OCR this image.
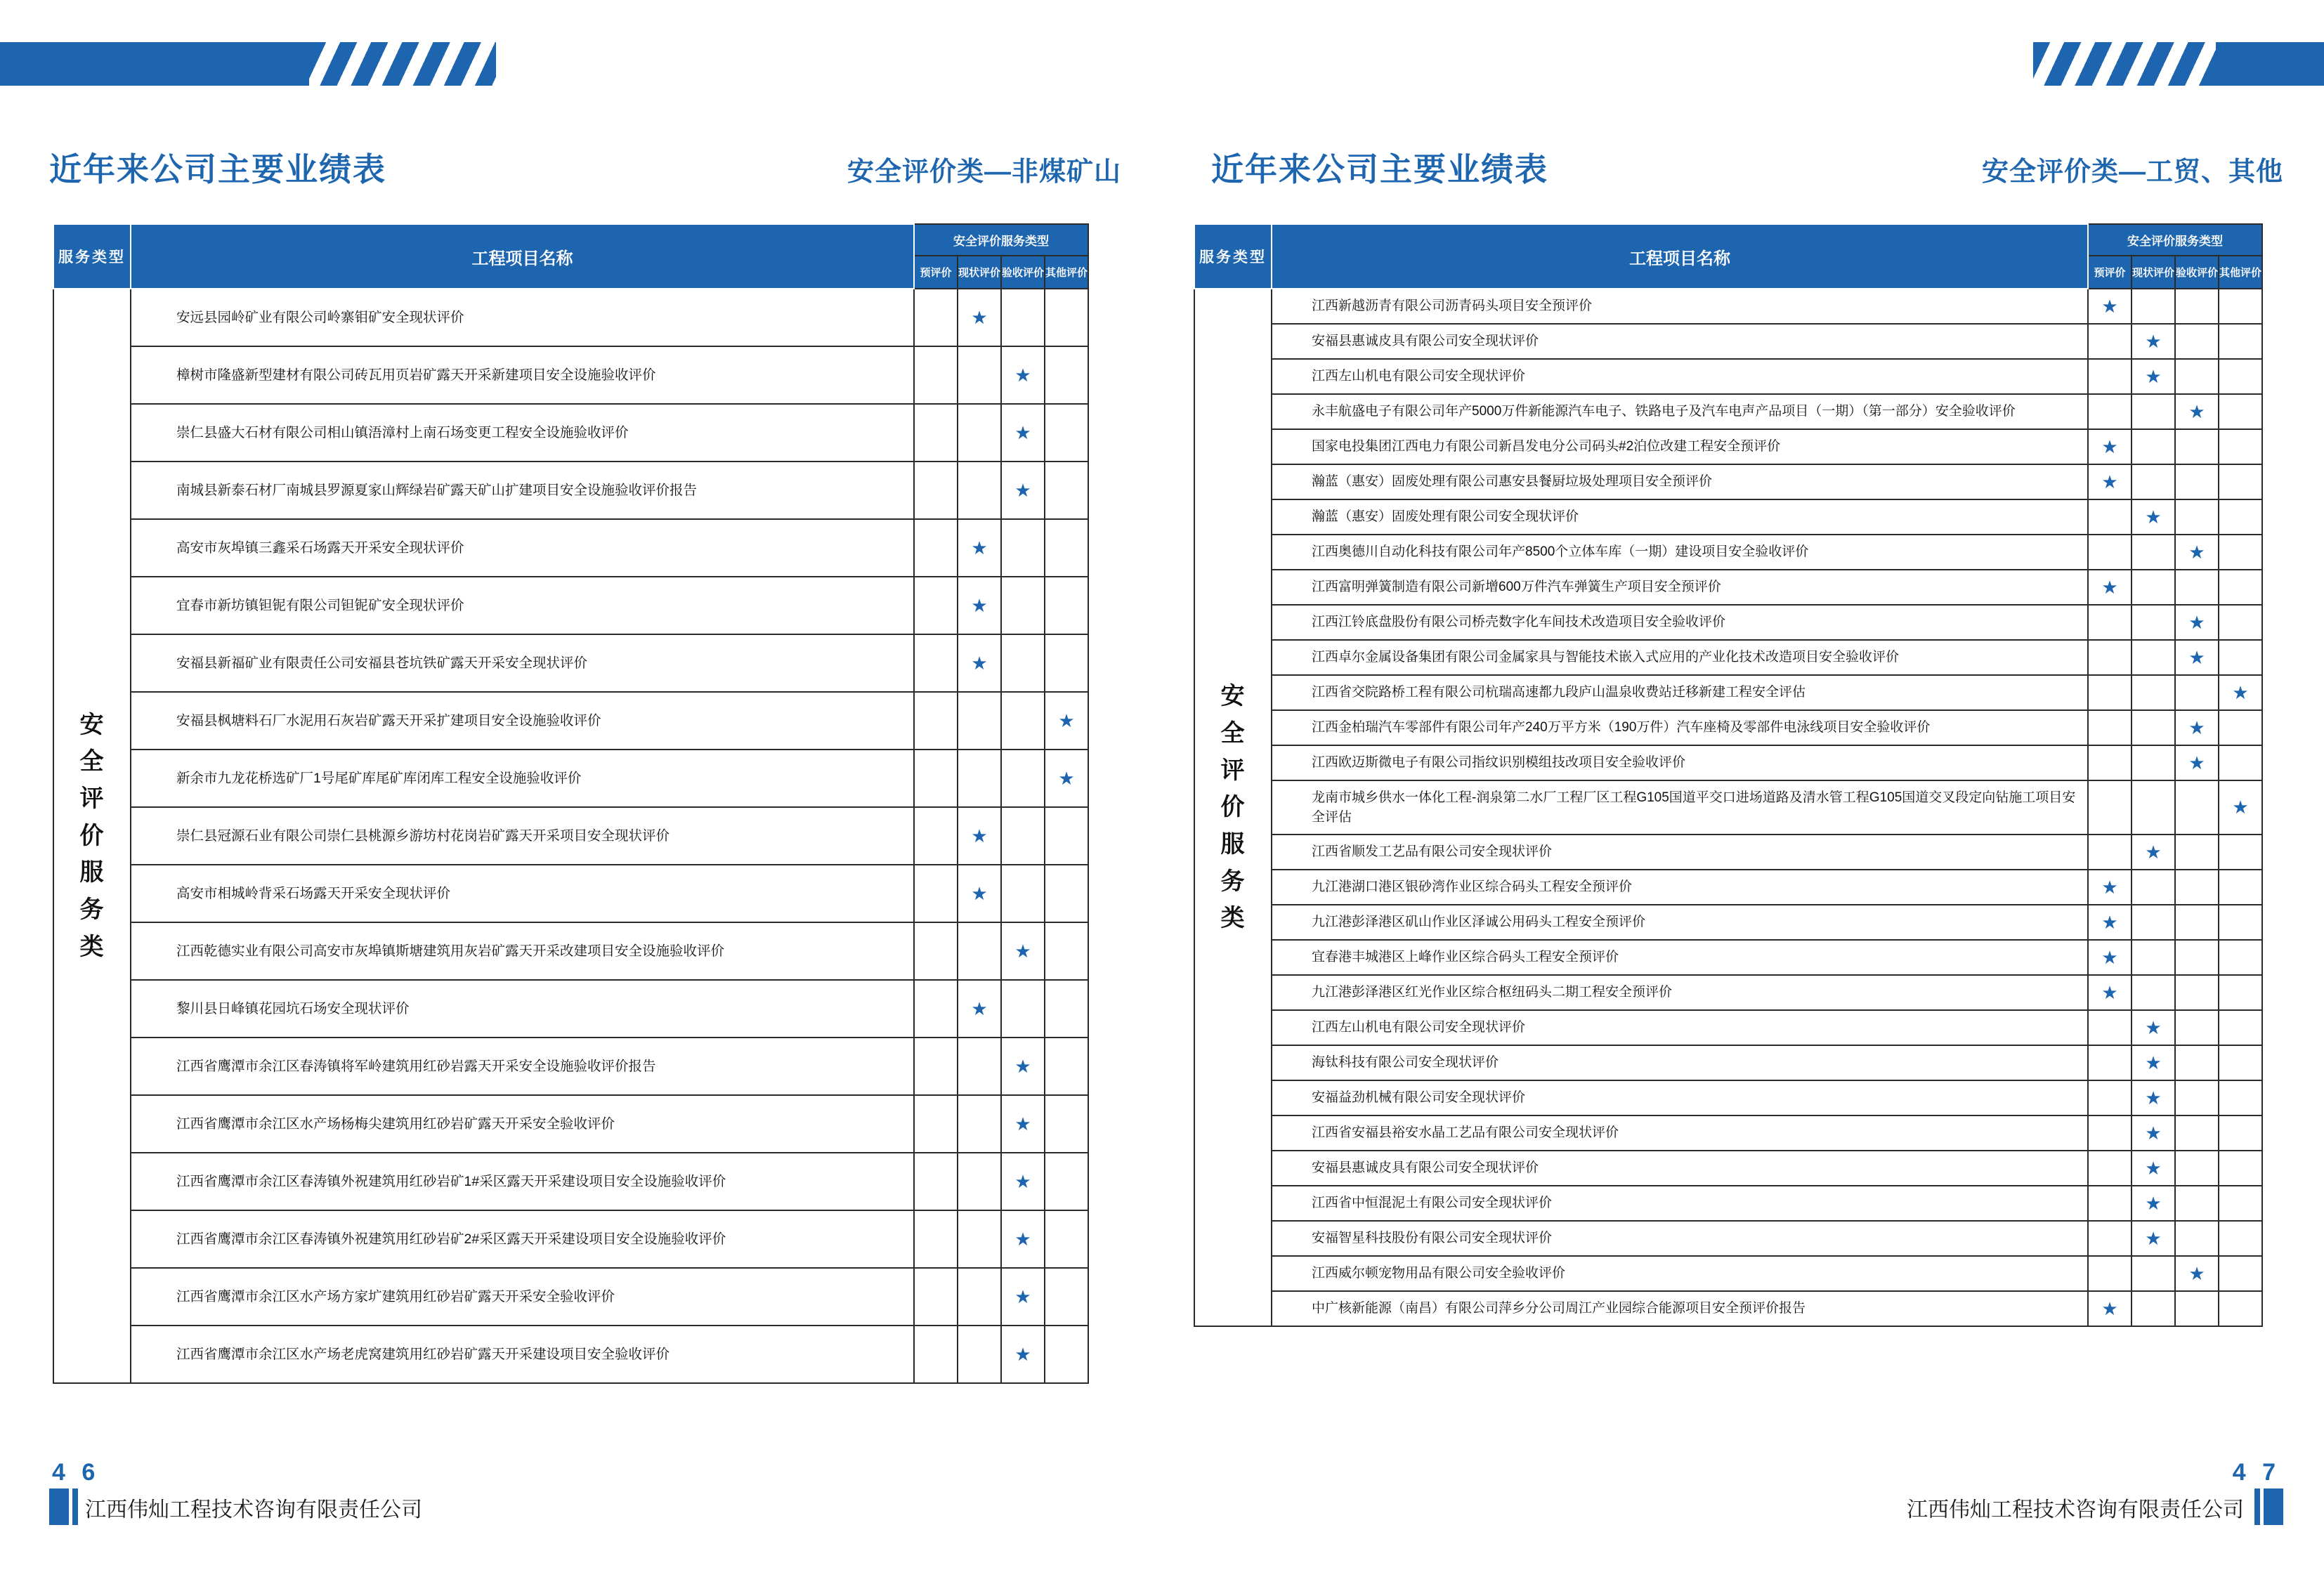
近年来公司主要业绩表	安全评价类—非煤矿山
服务类型	工程项目名称	安全评价服务类型			
		预评价	现状评价	验收评价	其他评价

安全评价服务类	安远县园岭矿业有限公司岭寨钼矿安全现状评价		★		
	樟树市隆盛新型建材有限公司砖瓦用页岩矿露天开采新建项目安全设施验收评价			★	
	崇仁县盛大石材有限公司相山镇浯漳村上南石场变更工程安全设施验收评价			★	
	南城县新泰石材厂南城县罗源夏家山辉绿岩矿露天矿山扩建项目安全设施验收评价报告			★	
	高安市灰埠镇三鑫采石场露天开采安全现状评价		★		
	宜春市新坊镇钽铌有限公司钽铌矿安全现状评价		★		
	安福县新福矿业有限责任公司安福县苍坑铁矿露天开采安全现状评价		★		
	安福县枫塘料石厂水泥用石灰岩矿露天开采扩建项目安全设施验收评价				★
	新余市九龙花桥选矿厂1号尾矿库尾矿库闭库工程安全设施验收评价				★
	崇仁县冠源石业有限公司崇仁县桃源乡游坊村花岗岩矿露天开采项目安全现状评价		★		
	高安市相城岭背采石场露天开采安全现状评价		★		
	江西乾德实业有限公司高安市灰埠镇斯塘建筑用灰岩矿露天开采改建项目安全设施验收评价			★	
	黎川县日峰镇花园坑石场安全现状评价		★		
	江西省鹰潭市余江区春涛镇将军岭建筑用红砂岩露天开采安全设施验收评价报告			★	
	江西省鹰潭市余江区水产场杨梅尖建筑用红砂岩矿露天开采安全验收评价			★	
	江西省鹰潭市余江区春涛镇外祝建筑用红砂岩矿1#采区露天开采建设项目安全设施验收评价			★	
	江西省鹰潭市余江区春涛镇外祝建筑用红砂岩矿2#采区露天开采建设项目安全设施验收评价			★	
	江西省鹰潭市余江区水产场方家圹建筑用红砂岩矿露天开采安全验收评价			★	
	江西省鹰潭市余江区水产场老虎窝建筑用红砂岩矿露天开采建设项目安全验收评价			★	
4 6
江西伟灿工程技术咨询有限责任公司
近年来公司主要业绩表	安全评价类—工贸、其他
服务类型	工程项目名称	安全评价服务类型			
		预评价	现状评价	验收评价	其他评价

安全评价服务类	江西新越沥青有限公司沥青码头项目安全预评价	★			
	安福县惠诚皮具有限公司安全现状评价		★		
	江西左山机电有限公司安全现状评价		★		
	永丰航盛电子有限公司年产5000万件新能源汽车电子、铁路电子及汽车电声产品项目（一期）（第一部分）安全验收评价			★	
	国家电投集团江西电力有限公司新昌发电分公司码头#2泊位改建工程安全预评价	★			
	瀚蓝（惠安）固废处理有限公司惠安县餐厨垃圾处理项目安全预评价	★			
	瀚蓝（惠安）固废处理有限公司安全现状评价		★		
	江西奥德川自动化科技有限公司年产8500个立体车库（一期）建设项目安全验收评价			★	
	江西富明弹簧制造有限公司新增600万件汽车弹簧生产项目安全预评价	★			
	江西江铃底盘股份有限公司桥壳数字化车间技术改造项目安全验收评价			★	
	江西卓尔金属设备集团有限公司金属家具与智能技术嵌入式应用的产业化技术改造项目安全验收评价			★	
	江西省交院路桥工程有限公司杭瑞高速都九段庐山温泉收费站迁移新建工程安全评估				★
	江西金柏瑞汽车零部件有限公司年产240万平方米（190万件）汽车座椅及零部件电泳线项目安全验收评价			★	
	江西欧迈斯微电子有限公司指纹识别模组技改项目安全验收评价			★	
	龙南市城乡供水一体化工程-润泉第二水厂工程厂区工程G105国道平交口进场道路及清水管工程G105国道交叉段定向钻施工项目安全评估				★
	江西省顺发工艺品有限公司安全现状评价		★		
	九江港湖口港区银砂湾作业区综合码头工程安全预评价	★			
	九江港彭泽港区矶山作业区泽诚公用码头工程安全预评价	★			
	宜春港丰城港区上峰作业区综合码头工程安全预评价	★			
	九江港彭泽港区红光作业区综合枢纽码头二期工程安全预评价	★			
	江西左山机电有限公司安全现状评价		★		
	海钛科技有限公司安全现状评价		★		
	安福益劲机械有限公司安全现状评价		★		
	江西省安福县裕安水晶工艺品有限公司安全现状评价		★		
	安福县惠诚皮具有限公司安全现状评价		★		
	江西省中恒混泥土有限公司安全现状评价		★		
	安福智星科技股份有限公司安全现状评价		★		
	江西威尔顿宠物用品有限公司安全验收评价			★	
	中广核新能源（南昌）有限公司萍乡分公司周江产业园综合能源项目安全预评价报告	★			
4 7
江西伟灿工程技术咨询有限责任公司
